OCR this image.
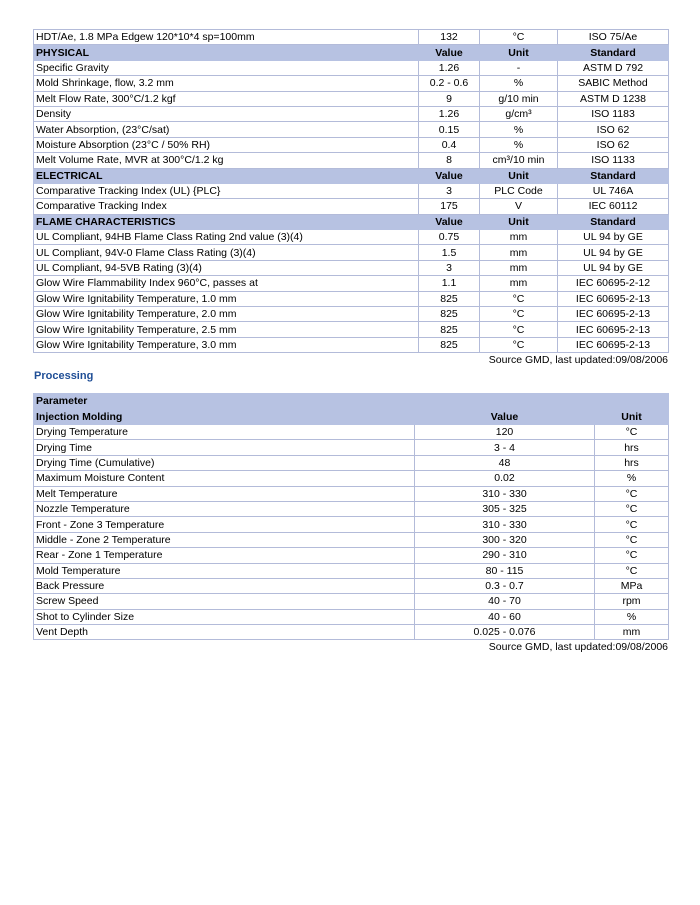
HDT/Ae, 1.8 MPa Edgew 120*10*4 sp=100mm	132	°C	ISO 75/Ae
PHYSICAL	Value	Unit	Standard
Specific Gravity	1.26	-	ASTM D 792
Mold Shrinkage, flow, 3.2 mm	0.2 - 0.6	%	SABIC Method
Melt Flow Rate, 300°C/1.2 kgf	9	g/10 min	ASTM D 1238
Density	1.26	g/cm³	ISO 1183
Water Absorption, (23°C/sat)	0.15	%	ISO 62
Moisture Absorption (23°C / 50% RH)	0.4	%	ISO 62
Melt Volume Rate, MVR at 300°C/1.2 kg	8	cm³/10 min	ISO 1133
ELECTRICAL	Value	Unit	Standard
Comparative Tracking Index (UL) {PLC}	3	PLC Code	UL 746A
Comparative Tracking Index	175	V	IEC 60112
FLAME CHARACTERISTICS	Value	Unit	Standard
UL Compliant, 94HB Flame Class Rating 2nd value (3)(4)	0.75	mm	UL 94 by GE
UL Compliant, 94V-0 Flame Class Rating (3)(4)	1.5	mm	UL 94 by GE
UL Compliant, 94-5VB Rating (3)(4)	3	mm	UL 94 by GE
Glow Wire Flammability Index 960°C, passes at	1.1	mm	IEC 60695-2-12
Glow Wire Ignitability Temperature, 1.0 mm	825	°C	IEC 60695-2-13
Glow Wire Ignitability Temperature, 2.0 mm	825	°C	IEC 60695-2-13
Glow Wire Ignitability Temperature, 2.5 mm	825	°C	IEC 60695-2-13
Glow Wire Ignitability Temperature, 3.0 mm	825	°C	IEC 60695-2-13
Source GMD, last updated:09/08/2006
Processing
Parameter		
Injection Molding	Value	Unit
Drying Temperature	120	°C
Drying Time	3 - 4	hrs
Drying Time (Cumulative)	48	hrs
Maximum Moisture Content	0.02	%
Melt Temperature	310 - 330	°C
Nozzle Temperature	305 - 325	°C
Front - Zone 3 Temperature	310 - 330	°C
Middle - Zone 2 Temperature	300 - 320	°C
Rear - Zone 1 Temperature	290 - 310	°C
Mold Temperature	80 - 115	°C
Back Pressure	0.3 - 0.7	MPa
Screw Speed	40 - 70	rpm
Shot to Cylinder Size	40 - 60	%
Vent Depth	0.025 - 0.076	mm
Source GMD, last updated:09/08/2006
